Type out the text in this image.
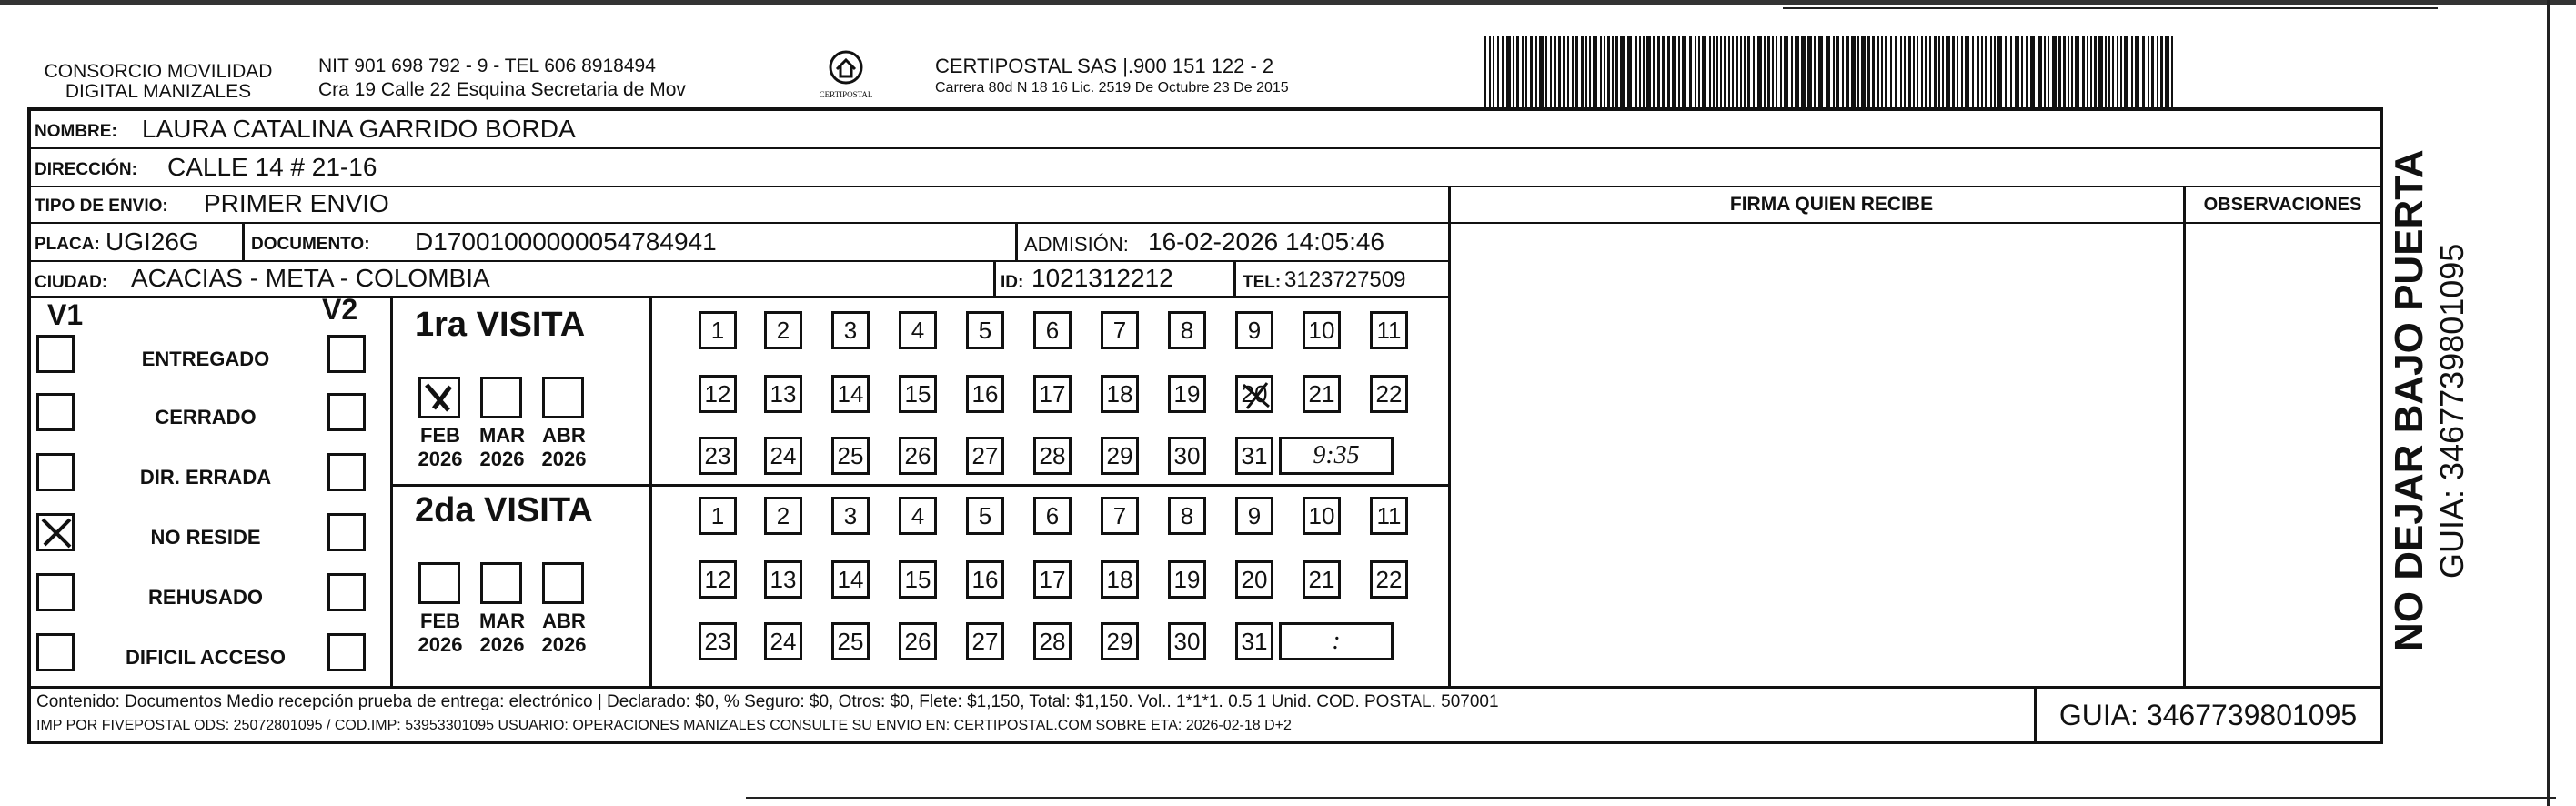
CONSORCIO MOVILIDAD
DIGITAL MANIZALES
NIT 901 698 792 - 9 - TEL 606 8918494
Cra 19 Calle 22 Esquina Secretaria de Mov	CERTIPOSTAL
CERTIPOSTAL SAS |.900 151 122 - 2
Carrera 80d N 18 16 Lic. 2519 De Octubre 23 De 2015
NOMBRE: LAURA CATALINA GARRIDO BORDA
DIRECCIÓN: CALLE 14 # 21-16
TIPO DE ENVIO: PRIMER ENVIO	FIRMA QUIEN RECIBE	OBSERVACIONES
PLACA: UGI26G	DOCUMENTO: D17001000000054784941	ADMISIÓN: 16-02-2026 14:05:46
CIUDAD: ACACIAS - META - COLOMBIA	ID: 1021312212	TEL: 3123727509
V1	V2
ENTREGADO
CERRADO
DIR. ERRADA
NO RESIDE
REHUSADO
DIFICIL ACCESO
1ra VISITA
2da VISITA
FEB
2026
MAR
2026
ABR
2026
FEB
2026
MAR
2026
ABR
2026
1 2 3 4 5 6 7 8 9 10 11
12 13 14 15 16 17 18 19 20 21 22
23 24 25 26 27 28 29 30 31 9:35
1 2 3 4 5 6 7 8 9 10 11
12 13 14 15 16 17 18 19 20 21 22
23 24 25 26 27 28 29 30 31	:
Contenido: Documentos Medio recepción prueba de entrega: electrónico | Declarado: $0, % Seguro: $0, Otros: $0, Flete: $1,150, Total: $1,150. Vol.. 1*1*1. 0.5 1 Unid. COD. POSTAL. 507001
IMP POR FIVEPOSTAL ODS: 25072801095 / COD.IMP: 53953301095 USUARIO: OPERACIONES MANIZALES CONSULTE SU ENVIO EN: CERTIPOSTAL.COM SOBRE ETA: 2026-02-18 D+2	GUIA: 3467739801095
NO DEJAR BAJO PUERTA GUIA: 3467739801095
